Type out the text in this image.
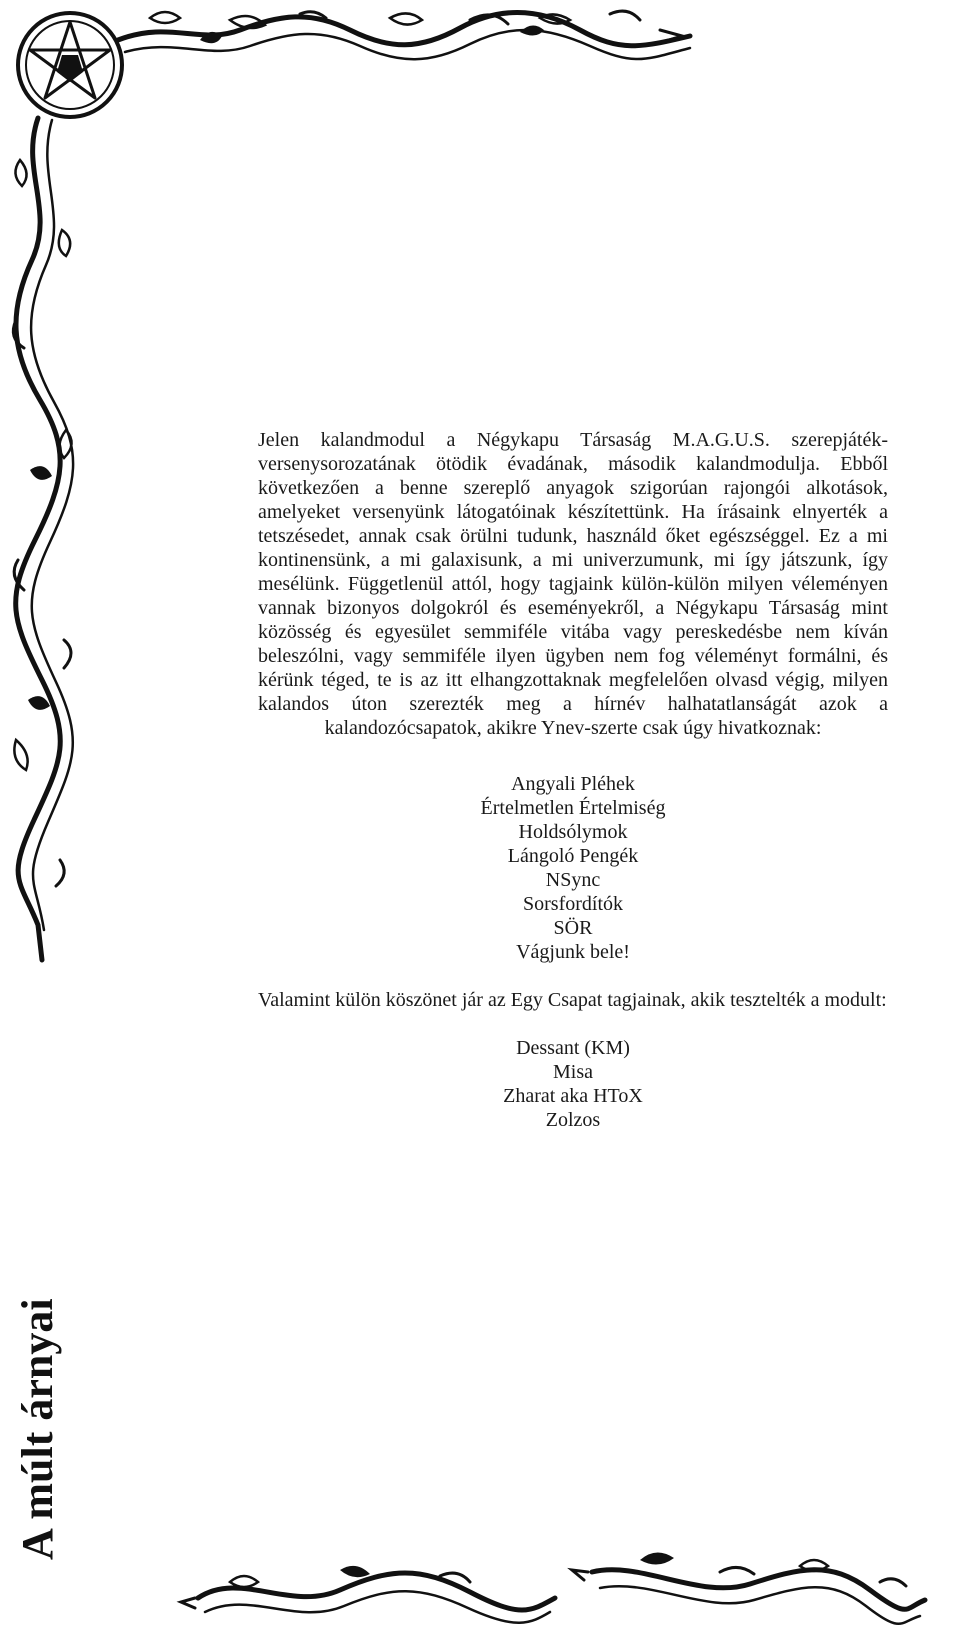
Jelen kalandmodul a Négykapu Társaság M.A.G.U.S. szerepjáték-versenysorozatának ötödik évadának, második kalandmodulja. Ebből következően a benne szereplő anyagok szigorúan rajongói alkotások, amelyeket versenyünk látogatóinak készítettünk. Ha írásaink elnyerték a tetszésedet, annak csak örülni tudunk, használd őket egészséggel. Ez a mi kontinensünk, a mi galaxisunk, a mi univerzumunk, mi így játszunk, így mesélünk. Függetlenül attól, hogy tagjaink külön-külön milyen véleményen vannak bizonyos dolgokról és eseményekről, a Négykapu Társaság mint közösség és egyesület semmiféle vitába vagy pereskedésbe nem kíván beleszólni, vagy semmiféle ilyen ügyben nem fog véleményt formálni, és kérünk téged, te is az itt elhangzottaknak megfelelően olvasd végig, milyen kalandos úton szerezték meg a hírnév halhatatlanságát azok a kalandozócsapatok, akikre Ynev-szerte csak úgy hivatkoznak:

Angyali Pléhek
Értelmetlen Értelmiség
Holdsólymok
Lángoló Pengék
NSync
Sorsfordítók
SÖR
Vágjunk bele!

Valamint külön köszönet jár az Egy Csapat tagjainak, akik tesztelték a modult:

Dessant (KM)
Misa
Zharat aka HToX
Zolzos
A múlt árnyai
